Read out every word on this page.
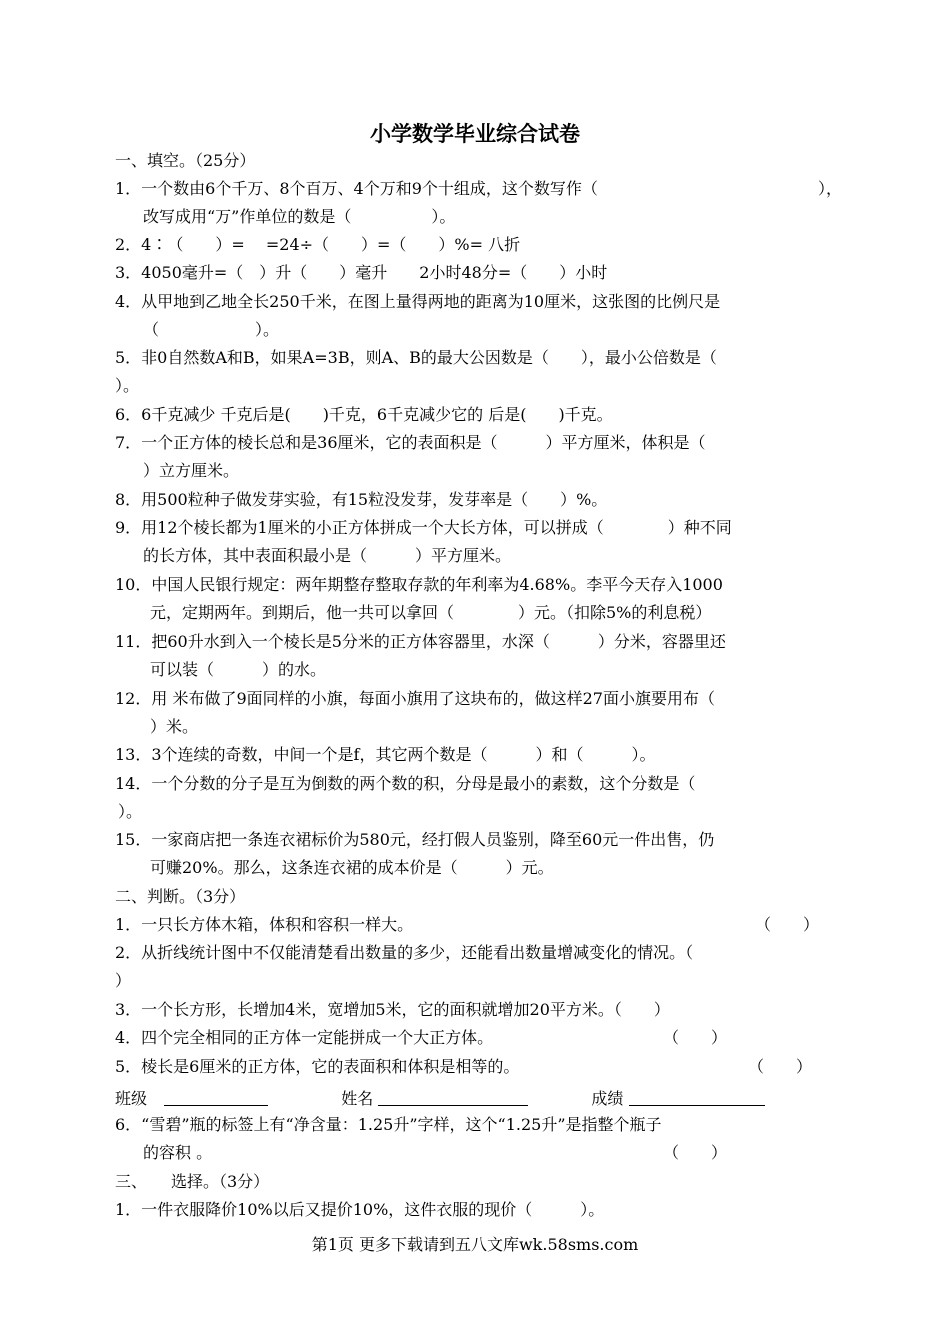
小学数学毕业综合试卷
一、填空。（25分）
1．一个数由6个千万、8个百万、4个万和9个十组成，这个数写作（	），
改写成用“万”作单位的数是（　　　　　）。
2．4∶（　　）=　 =24÷（　　）=（　　）%= 八折
3．4050毫升=（　）升（　　）毫升　　2小时48分=（　　）小时
4．从甲地到乙地全长250千米，在图上量得两地的距离为10厘米，这张图的比例尺是
（　　　　　　）。
5．非0自然数A和B，如果A=3B，则A、B的最大公因数是（　　），最小公倍数是（
）。
6．6千克减少 千克后是(　　)千克，6千克减少它的 后是(　　)千克。
7．一个正方体的棱长总和是36厘米，它的表面积是（　　　）平方厘米，体积是（
）立方厘米。
8．用500粒种子做发芽实验，有15粒没发芽，发芽率是（　　）%。
9．用12个棱长都为1厘米的小正方体拼成一个大长方体，可以拼成（　　　　）种不同
的长方体，其中表面积最小是（　　　）平方厘米。
10．中国人民银行规定：两年期整存整取存款的年利率为4.68%。李平今天存入1000
元，定期两年。到期后，他一共可以拿回（　　　　）元。（扣除5%的利息税）
11．把60升水到入一个棱长是5分米的正方体容器里，水深（　　　）分米，容器里还
可以装（　　　）的水。
12．用 米布做了9面同样的小旗，每面小旗用了这块布的，做这样27面小旗要用布（
）米。
13．3个连续的奇数，中间一个是f，其它两个数是（　　　）和（　　　）。
14．一个分数的分子是互为倒数的两个数的积，分母是最小的素数，这个分数是（
）。
15．一家商店把一条连衣裙标价为580元，经打假人员鉴别，降至60元一件出售，仍
可赚20%。那么，这条连衣裙的成本价是（　　　）元。
二、判断。（3分）
1．一只长方体木箱，体积和容积一样大。	（　　）
2．从折线统计图中不仅能清楚看出数量的多少，还能看出数量增减变化的情况。（
）
3．一个长方形，长增加4米，宽增加5米，它的面积就增加20平方米。（　　）
4．四个完全相同的正方体一定能拼成一个大正方体。	（　　）
5．棱长是6厘米的正方体，它的表面积和体积是相等的。	（　　）
班级	姓名	成绩
6．“雪碧”瓶的标签上有“净含量：1.25升”字样，这个“1.25升”是指整个瓶子
的容积 。	（　　）
三、　　选择。（3分）
1．一件衣服降价10%以后又提价10%，这件衣服的现价（　　　）。
第1页 更多下载请到五八文库wk.58sms.com
